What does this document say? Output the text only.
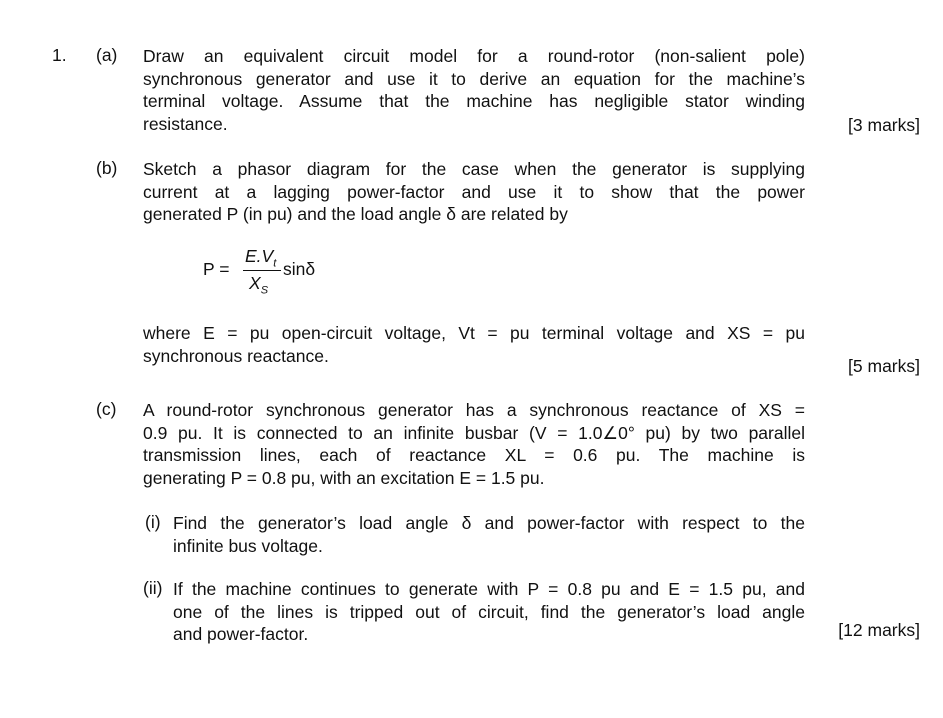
1. (a) Draw an equivalent circuit model for a round-rotor (non-salient pole)
synchronous generator and use it to derive an equation for the machine’s
terminal voltage. Assume that the machine has negligible stator winding
resistance.	[3 marks]
(b) Sketch a phasor diagram for the case when the generator is supplying
current at a lagging power-factor and use it to show that the power
generated P (in pu) and the load angle δ are related by
P =
$E.V_t$
$X_S$
sinδ
where E = pu open-circuit voltage, Vt = pu terminal voltage and XS = pu
synchronous reactance.
[5 marks]
(c) A round-rotor synchronous generator has a synchronous reactance of XS =
0.9 pu. It is connected to an infinite busbar (V = 1.0∠0° pu) by two parallel
transmission lines, each of reactance XL = 0.6 pu. The machine is
generating P = 0.8 pu, with an excitation E = 1.5 pu.
(i) Find the generator’s load angle δ and power-factor with respect to the
infinite bus voltage.
(ii) If the machine continues to generate with P = 0.8 pu and E = 1.5 pu, and
one of the lines is tripped out of circuit, find the generator’s load angle
and power-factor.	[12 marks]
